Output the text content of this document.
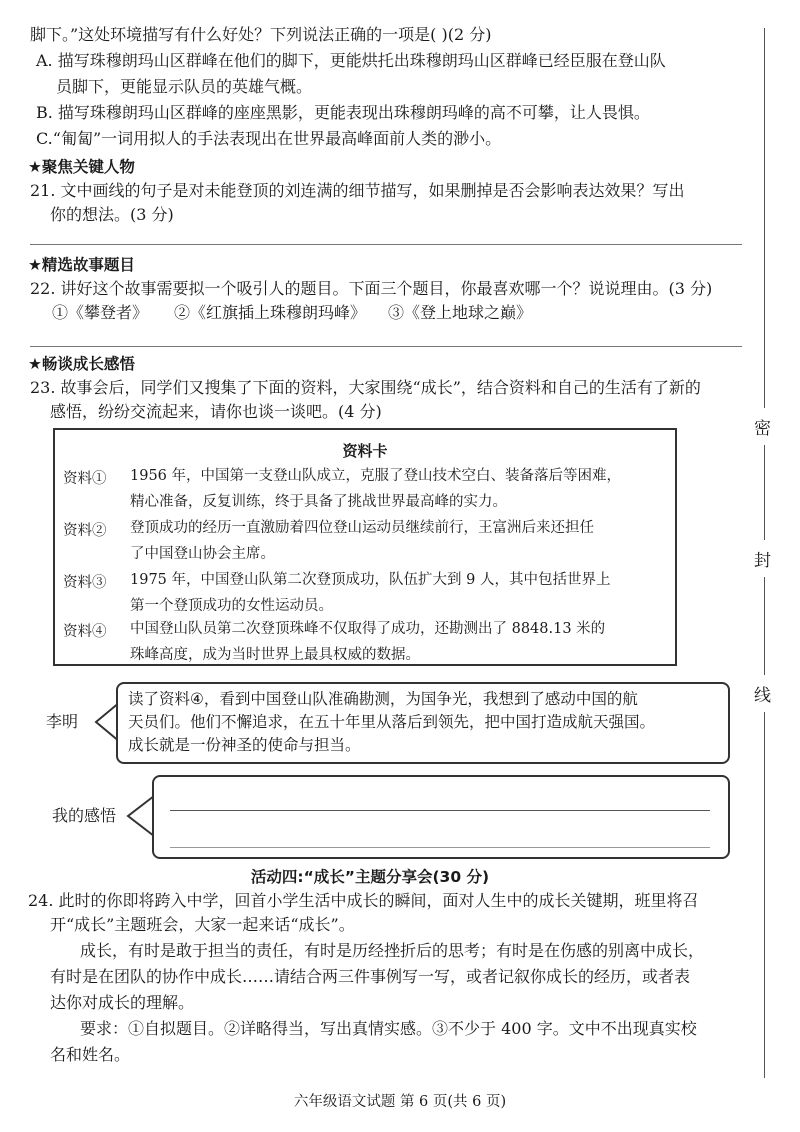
脚下。”这处环境描写有什么好处？下列说法正确的一项是( )(2 分)
A. 描写珠穆朗玛山区群峰在他们的脚下，更能烘托出珠穆朗玛山区群峰已经臣服在登山队
员脚下，更能显示队员的英雄气概。
B. 描写珠穆朗玛山区群峰的座座黑影，更能表现出珠穆朗玛峰的高不可攀，让人畏惧。
C.“匍匐”一词用拟人的手法表现出在世界最高峰面前人类的渺小。
★聚焦关键人物
21. 文中画线的句子是对未能登顶的刘连满的细节描写，如果删掉是否会影响表达效果？写出
你的想法。(3 分)
★精选故事题目
22. 讲好这个故事需要拟一个吸引人的题目。下面三个题目，你最喜欢哪一个？说说理由。(3 分)
①《攀登者》 ②《红旗插上珠穆朗玛峰》 ③《登上地球之巅》
★畅谈成长感悟
23. 故事会后，同学们又搜集了下面的资料，大家围绕“成长”，结合资料和自己的生活有了新的
感悟，纷纷交流起来，请你也谈一谈吧。(4 分)
资料卡
资料① 1956 年，中国第一支登山队成立，克服了登山技术空白、装备落后等困难，
精心准备，反复训练，终于具备了挑战世界最高峰的实力。
资料② 登顶成功的经历一直激励着四位登山运动员继续前行，王富洲后来还担任
了中国登山协会主席。
资料③ 1975 年，中国登山队第二次登顶成功，队伍扩大到 9 人，其中包括世界上
第一个登顶成功的女性运动员。
资料④ 中国登山队员第二次登顶珠峰不仅取得了成功，还勘测出了 8848.13 米的
珠峰高度，成为当时世界上最具权威的数据。
李明
读了资料④，看到中国登山队准确勘测，为国争光，我想到了感动中国的航
天员们。他们不懈追求，在五十年里从落后到领先，把中国打造成航天强国。
成长就是一份神圣的使命与担当。
我的感悟
活动四:“成长”主题分享会(30 分)
24. 此时的你即将跨入中学，回首小学生活中成长的瞬间，面对人生中的成长关键期，班里将召
开“成长”主题班会，大家一起来话“成长”。
成长，有时是敢于担当的责任，有时是历经挫折后的思考；有时是在伤感的别离中成长，
有时是在团队的协作中成长……请结合两三件事例写一写，或者记叙你成长的经历，或者表
达你对成长的理解。
要求：①自拟题目。②详略得当，写出真情实感。③不少于 400 字。文中不出现真实校
名和姓名。
密
封
线
六年级语文试题 第 6 页(共 6 页)
